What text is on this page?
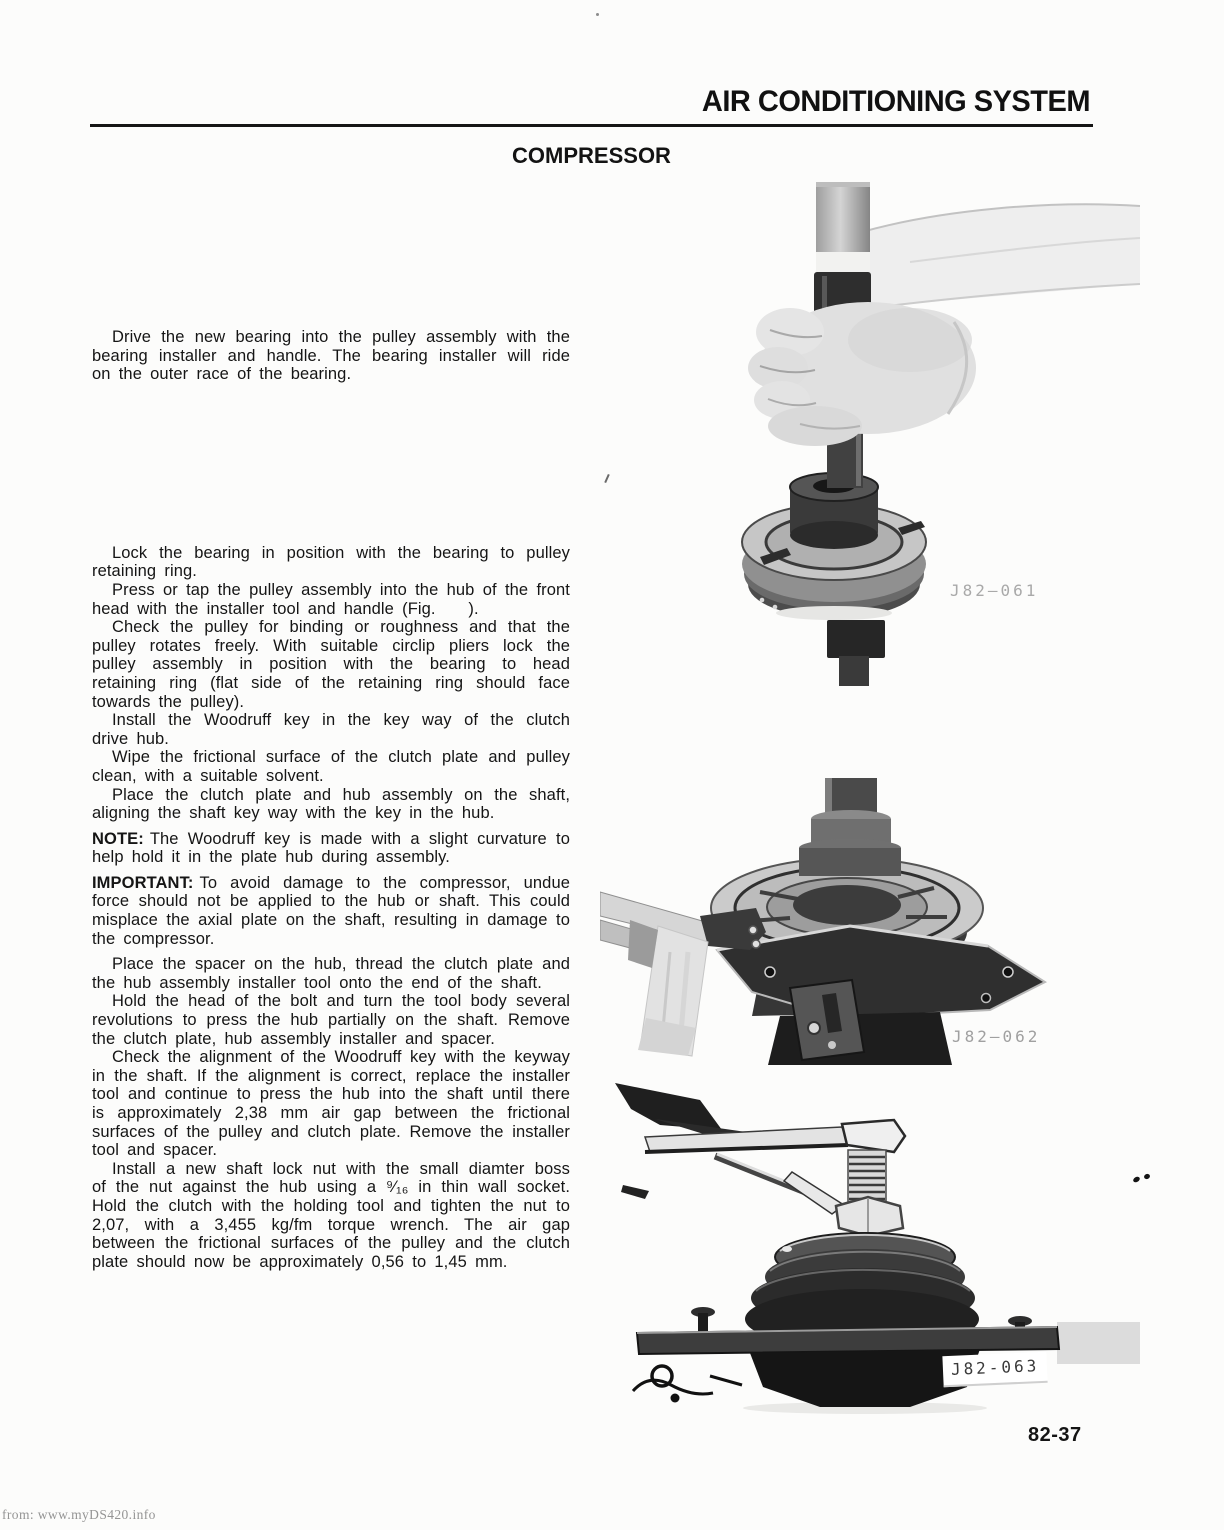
AIR CONDITIONING SYSTEM
COMPRESSOR

Drive the new bearing into the pulley assembly with the bearing installer and handle. The bearing installer will ride on the outer race of the bearing.

Lock the bearing in position with the bearing to pulley retaining ring.

Press or tap the pulley assembly into the hub of the front head with the installer tool and handle (Fig.    ).

Check the pulley for binding or roughness and that the pulley rotates freely. With suitable circlip pliers lock the pulley assembly in position with the bearing to head retaining ring (flat side of the retaining ring should face towards the pulley).

Install the Woodruff key in the key way of the clutch drive hub.

Wipe the frictional surface of the clutch plate and pulley clean, with a suitable solvent.

Place the clutch plate and hub assembly on the shaft, aligning the shaft key way with the key in the hub.

NOTE: The Woodruff key is made with a slight curvature to help hold it in the plate hub during assembly.

IMPORTANT: To avoid damage to the compressor, undue force should not be applied to the hub or shaft. This could misplace the axial plate on the shaft, resulting in damage to the compressor.

Place the spacer on the hub, thread the clutch plate and the hub assembly installer tool onto the end of the shaft.

Hold the head of the bolt and turn the tool body several revolutions to press the hub partially on the shaft. Remove the clutch plate, hub assembly installer and spacer.

Check the alignment of the Woodruff key with the keyway in the shaft. If the alignment is correct, replace the installer tool and continue to press the hub into the shaft until there is approximately 2,38 mm air gap between the frictional surfaces of the pulley and clutch plate. Remove the installer tool and spacer.

Install a new shaft lock nut with the small diamter boss of the nut against the hub using a ⁹⁄₁₆ in thin wall socket. Hold the clutch with the holding tool and tighten the nut to 2,07, with a 3,455 kg/fm torque wrench. The air gap between the frictional surfaces of the pulley and the clutch plate should now be approximately 0,56 to 1,45 mm.

J82–061
J82–062
J82-063
82-37
from: www.myDS420.info
